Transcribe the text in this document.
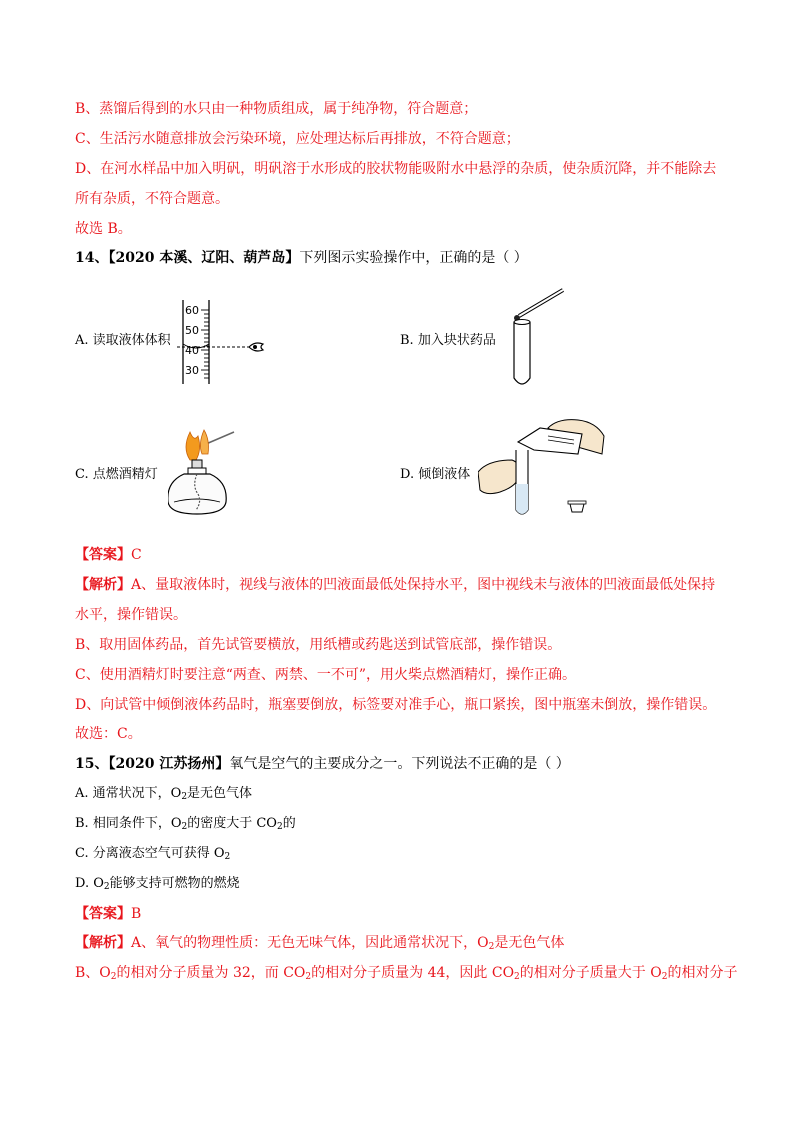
B、蒸馏后得到的水只由一种物质组成，属于纯净物，符合题意；
C、生活污水随意排放会污染环境，应处理达标后再排放，不符合题意；
D、在河水样品中加入明矾，明矾溶于水形成的胶状物能吸附水中悬浮的杂质，使杂质沉降，并不能除去
所有杂质，不符合题意。
故选 B。
14、【2020 本溪、辽阳、葫芦岛】下列图示实验操作中，正确的是（ ）
A. 读取液体体积
60
50
40
30
B. 加入块状药品
C. 点燃酒精灯	D. 倾倒液体
【答案】C
【解析】A、量取液体时，视线与液体的凹液面最低处保持水平，图中视线未与液体的凹液面最低处保持
水平，操作错误。
B、取用固体药品，首先试管要横放，用纸槽或药匙送到试管底部，操作错误。
C、使用酒精灯时要注意“两查、两禁、一不可”，用火柴点燃酒精灯，操作正确。
D、向试管中倾倒液体药品时，瓶塞要倒放，标签要对准手心，瓶口紧挨，图中瓶塞未倒放，操作错误。
故选：C。
15、【2020 江苏扬州】氧气是空气的主要成分之一。下列说法不正确的是（ ）
A. 通常状况下，$O_2$是无色气体
B. 相同条件下，$O_2$的密度大于 $CO_2$的
C. 分离液态空气可获得 $O_2$
D. $O_2$能够支持可燃物的燃烧
【答案】B
【解析】A、氧气的物理性质：无色无味气体，因此通常状况下，$O_2$是无色气体
B、$O_2$的相对分子质量为 32，而 $CO_2$的相对分子质量为 44，因此 $CO_2$的相对分子质量大于 $O_2$的相对分子
